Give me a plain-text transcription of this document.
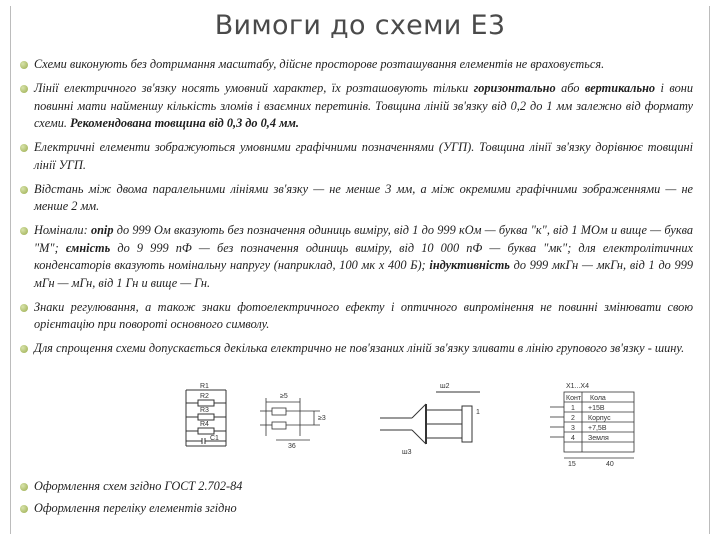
Вимоги до схеми Е3
Схеми виконують без дотримання масштабу, дійсне просторове розташування елементів не враховується.
Лінії електричного зв'язку носять умовний характер, їх розташовують тільки горизонтально або вертикально і вони повинні мати найменшу кількість зломів і взаємних перетинів. Товщина ліній зв'язку від 0,2 до 1 мм залежно від формату схеми. Рекомендована товщина від 0,3 до 0,4 мм.
Електричні елементи зображуються умовними графічними позначеннями (УГП). Товщина лінії зв'язку дорівнює товщині лінії УГП.
Відстань між двома паралельними лініями зв'язку — не менше 3 мм, а між окремими графічними зображеннями — не менше 2 мм.
Номінали: опір до 999 Ом вказують без позначення одиниць виміру, від 1 до 999 кОм — буква "к", від 1 МОм и вище — буква "М"; ємність до 9 999 пФ — без позначення одиниць виміру, від 10 000 пФ — буква "мк"; для електролітичних конденсаторів вказують номінальну напругу (наприклад, 100 мк х 400 Б); індуктивність до 999 мкГн — мкГн, від 1 до 999 мГн — мГн, від 1 Гн и вище — Гн.
Знаки регулювання, а також знаки фотоелектричного ефекту і оптичного випромінення не повинні змінювати свою орієнтацію при повороті основного символу.
Для спрощення схеми допускається декілька електрично не пов'язаних ліній зв'язку зливати в лінію групового зв'язку - шину.
R1
R2
R3
R4
C1
≥5
36
≥3
ш2
ш3
1
X1...X4
Конт Кола
1 +15В
2 Корпус
3 +7,5В
4 Земля
15	40
Оформлення схем згідно ГОСТ 2.702-84
Оформлення переліку елементів згідно
